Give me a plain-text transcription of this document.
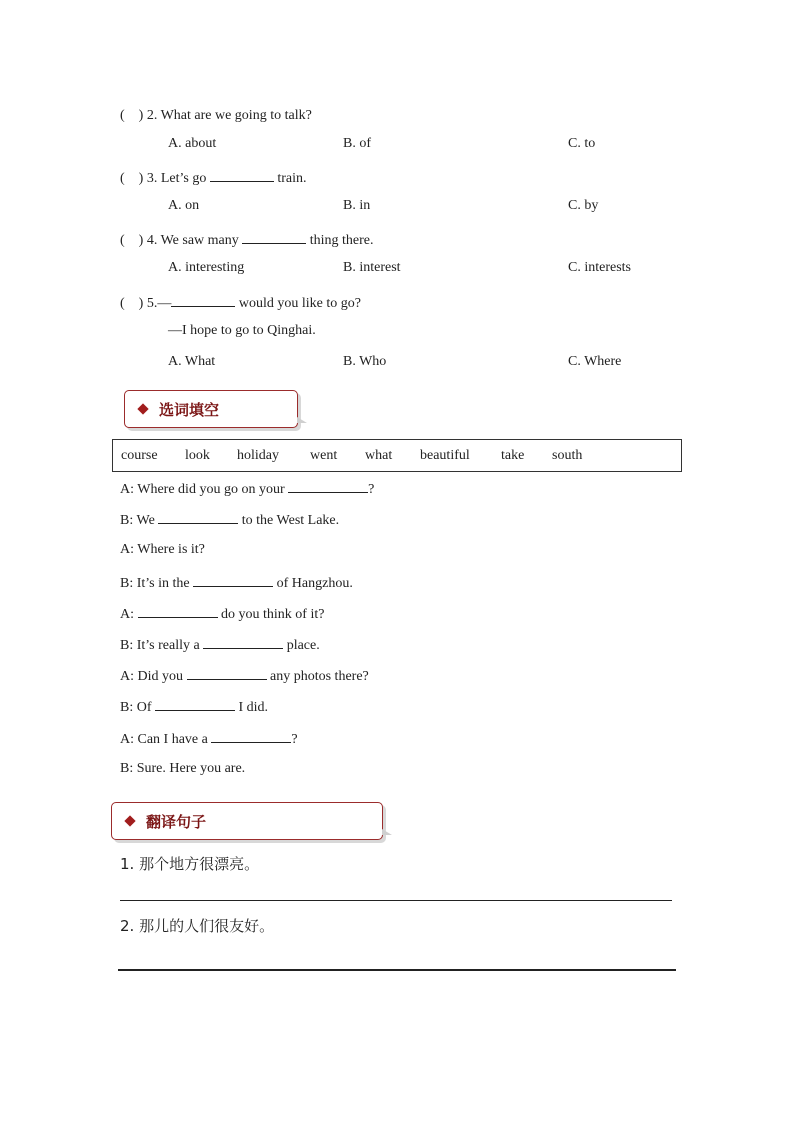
(　) 2. What are we going to talk?
A. about	B. of	C. to
(　) 3. Let’s go	train.
A. on	B. in	C. by
(　) 4. We saw many	thing there.
A. interesting	B. interest	C. interests
(　) 5.—	would you like to go?
—I hope to go to Qinghai.
A. What	B. Who	C. Where
选词填空
course look holiday went what beautiful take south
A: Where did you go on your	?
B: We	to the West Lake.
A: Where is it?
B: It’s in the	of Hangzhou.
A:	do you think of it?
B: It’s really a	place.
A: Did you	any photos there?
B: Of	I did.
A: Can I have a	?
B: Sure. Here you are.
翻译句子
1. 那个地方很漂亮。
2. 那儿的人们很友好。
